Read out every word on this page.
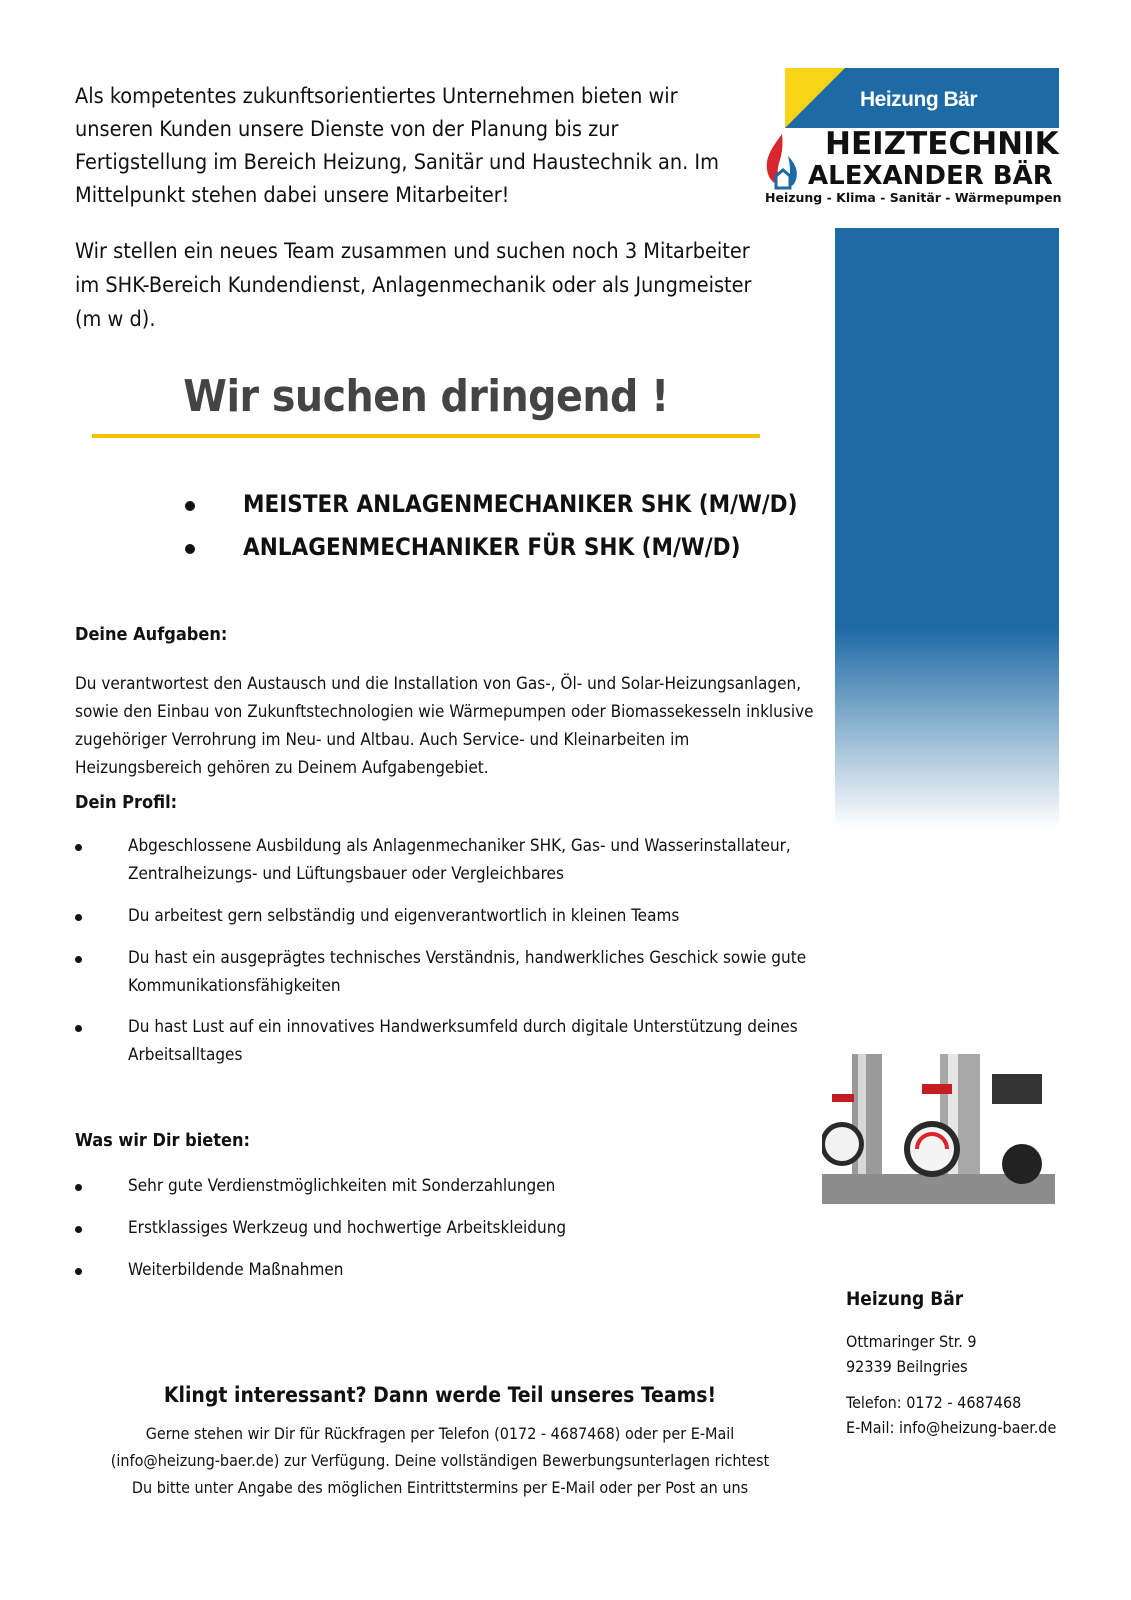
Heizung Bär
HEIZTECHNIK
ALEXANDER BÄR
Heizung - Klima - Sanitär - Wärmepumpen
Als kompetentes zukunftsorientiertes Unternehmen bieten wir unseren Kunden unsere Dienste von der Planung bis zur Fertigstellung im Bereich Heizung, Sanitär und Haustechnik an. Im Mittelpunkt stehen dabei unsere Mitarbeiter!
Wir stellen ein neues Team zusammen und suchen noch 3 Mitarbeiter im SHK-Bereich Kundendienst, Anlagenmechanik oder als Jungmeister (m w d).
Wir suchen dringend !
MEISTER ANLAGENMECHANIKER SHK (M/W/D)
ANLAGENMECHANIKER FÜR SHK (M/W/D)
Deine Aufgaben:
Du verantwortest den Austausch und die Installation von Gas-, Öl- und Solar-Heizungsanlagen, sowie den Einbau von Zukunftstechnologien wie Wärmepumpen oder Biomassekesseln inklusive zugehöriger Verrohrung im Neu- und Altbau. Auch Service- und Kleinarbeiten im Heizungsbereich gehören zu Deinem Aufgabengebiet.
Dein Profil:
Abgeschlossene Ausbildung als Anlagenmechaniker SHK, Gas- und Wasserinstallateur, Zentralheizungs- und Lüftungsbauer oder Vergleichbares
Du arbeitest gern selbständig und eigenverantwortlich in kleinen Teams
Du hast ein ausgeprägtes technisches Verständnis, handwerkliches Geschick sowie gute Kommunikationsfähigkeiten
Du hast Lust auf ein innovatives Handwerksumfeld durch digitale Unterstützung deines Arbeitsalltages
Was wir Dir bieten:
Sehr gute Verdienstmöglichkeiten mit Sonderzahlungen
Erstklassiges Werkzeug und hochwertige Arbeitskleidung
Weiterbildende Maßnahmen
Heizung Bär
Ottmaringer Str. 9
92339 Beilngries
Telefon: 0172 - 4687468
E-Mail: info@heizung-baer.de
Klingt interessant? Dann werde Teil unseres Teams!
Gerne stehen wir Dir für Rückfragen per Telefon (0172 - 4687468) oder per E-Mail (info@heizung-baer.de) zur Verfügung. Deine vollständigen Bewerbungsunterlagen richtest Du bitte unter Angabe des möglichen Eintrittstermins per E-Mail oder per Post an uns
